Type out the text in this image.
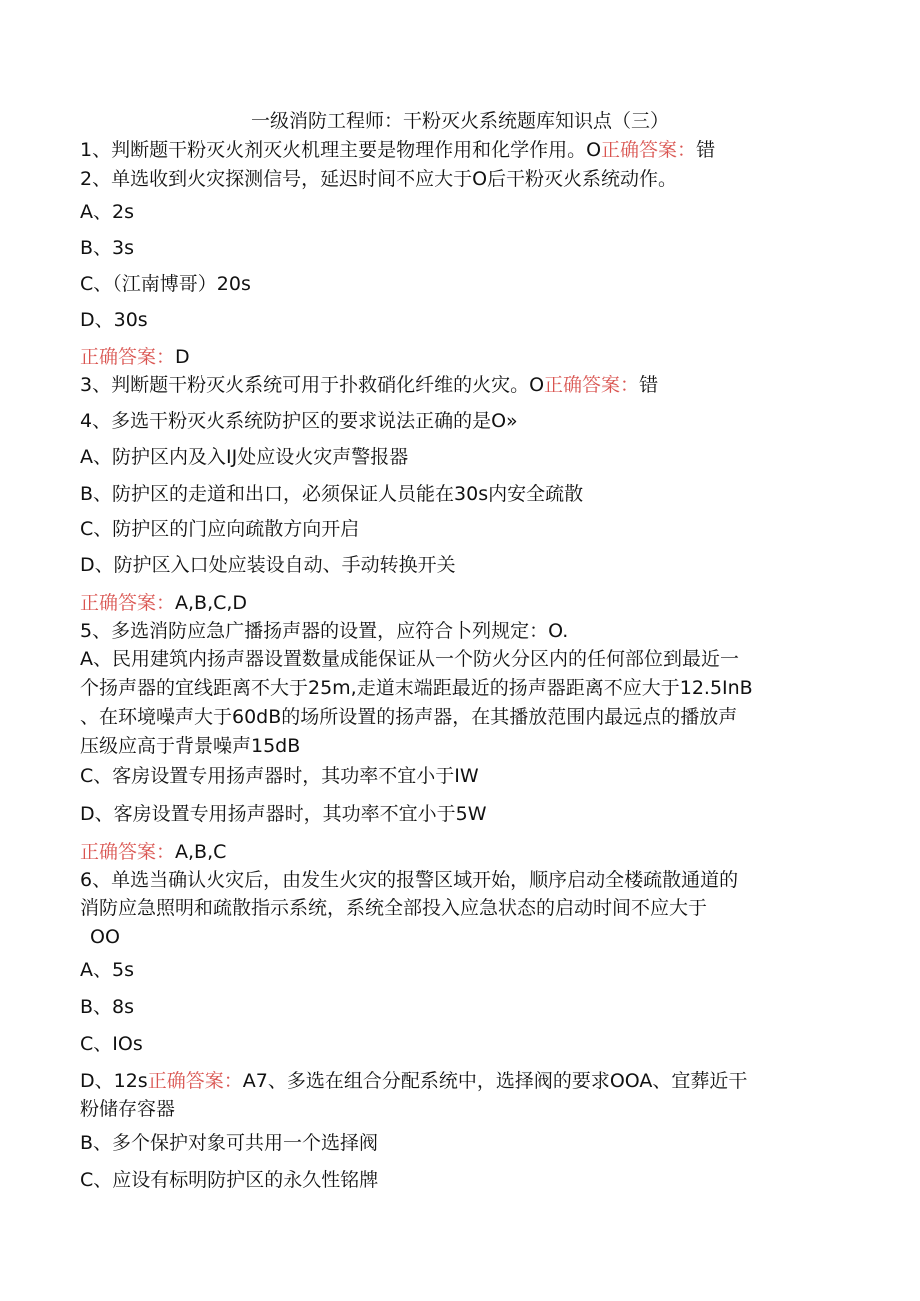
一级消防工程师：干粉灭火系统题库知识点（三）

1、判断题干粉灭火剂灭火机理主要是物理作用和化学作用。O正确答案：错

2、单选收到火灾探测信号，延迟时间不应大于O后干粉灭火系统动作。

A、2s

B、3s

C、（江南博哥）20s

D、30s

正确答案：D

3、判断题干粉灭火系统可用于扑救硝化纤维的火灾。O正确答案：错

4、多选干粉灭火系统防护区的要求说法正确的是O»

A、防护区内及入IJ处应设火灾声警报器

B、防护区的走道和出口，必须保证人员能在30s内安全疏散

C、防护区的门应向疏散方向开启

D、防护区入口处应装设自动、手动转换开关

正确答案：A,B,C,D

5、多选消防应急广播扬声器的设置，应符合卜列规定：O.

A、民用建筑内扬声器设置数量成能保证从一个防火分区内的任何部位到最近一

个扬声器的宜线距离不大于25m,走道末端距最近的扬声器距离不应大于12.5InB

、在环境噪声大于60dB的场所设置的扬声器，在其播放范围内最远点的播放声

压级应高于背景噪声15dB

C、客房设置专用扬声器时，其功率不宜小于IW

D、客房设置专用扬声器时，其功率不宜小于5W

正确答案：A,B,C

6、单选当确认火灾后，由发生火灾的报警区域开始，顺序启动全楼疏散通道的

消防应急照明和疏散指示系统，系统全部投入应急状态的启动时间不应大于

OO

A、5s

B、8s

C、IOs

D、12s正确答案：A7、多选在组合分配系统中，选择阀的要求OOA、宜葬近干

粉储存容器

B、多个保护对象可共用一个选择阀

C、应设有标明防护区的永久性铭牌
